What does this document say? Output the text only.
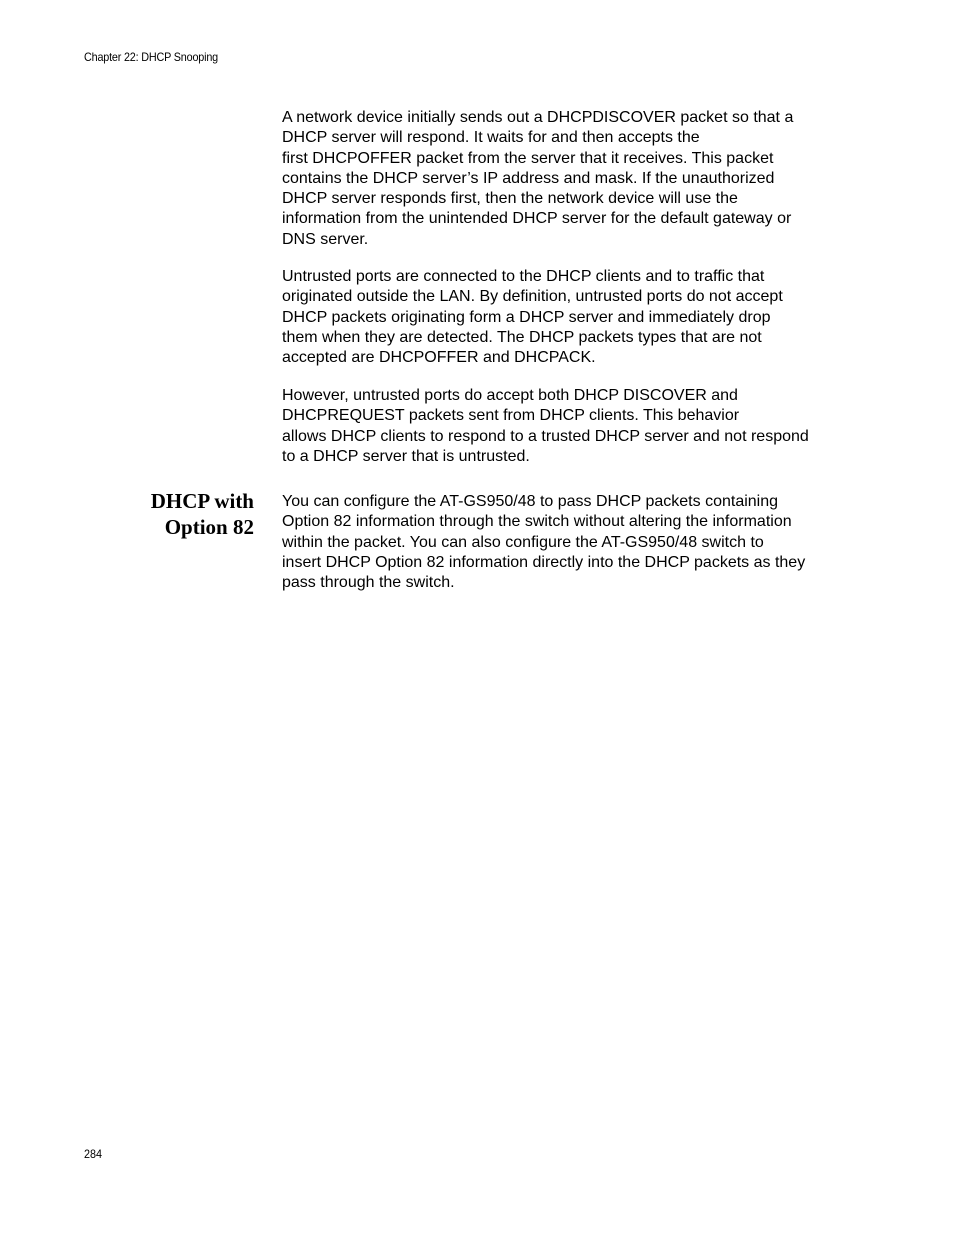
Chapter 22: DHCP Snooping

A network device initially sends out a DHCPDISCOVER packet so that a
DHCP server will respond. It waits for and then accepts the
first DHCPOFFER packet from the server that it receives. This packet
contains the DHCP server’s IP address and mask. If the unauthorized
DHCP server responds first, then the network device will use the
information from the unintended DHCP server for the default gateway or
DNS server.

Untrusted ports are connected to the DHCP clients and to traffic that
originated outside the LAN. By definition, untrusted ports do not accept
DHCP packets originating form a DHCP server and immediately drop
them when they are detected. The DHCP packets types that are not
accepted are DHCPOFFER and DHCPACK.

However, untrusted ports do accept both DHCP DISCOVER and
DHCPREQUEST packets sent from DHCP clients. This behavior
allows DHCP clients to respond to a trusted DHCP server and not respond
to a DHCP server that is untrusted.

DHCP with
Option 82

You can configure the AT-GS950/48 to pass DHCP packets containing
Option 82 information through the switch without altering the information
within the packet. You can also configure the AT-GS950/48 switch to
insert DHCP Option 82 information directly into the DHCP packets as they
pass through the switch.

284
